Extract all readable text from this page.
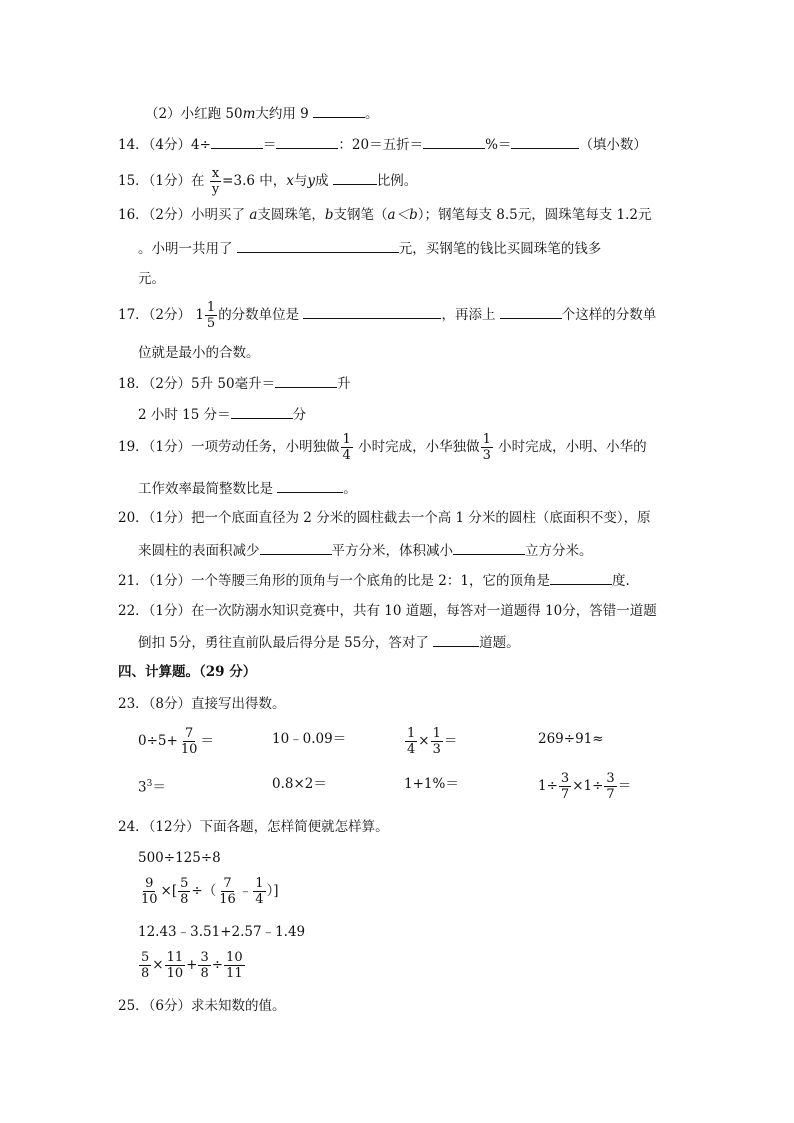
（2）小红跑 50m大约用 9	。
14．（4分）4÷	＝	：20＝五折＝	%＝	（填小数）
15．（1分）在 $\frac{x}{y} =3.6$ 中，x与y成	比例。
16．（2分）小明买了 a支圆珠笔，b支钢笔（a＜b）；钢笔每支 8.5元，圆珠笔每支 1.2元
。小明一共用了	元，买钢笔的钱比买圆珠笔的钱多
元。
17．（2分） $1 \frac{1}{5}$ 的分数单位是	，再添上	个这样的分数单
位就是最小的合数。
18．（2分）5升 50毫升＝	升
2 小时 15 分＝	分
19．（1分）一项劳动任务，小明独做 $\frac{1}{4}$ 小时完成，小华独做 $\frac{1}{3}$ 小时完成，小明、小华的
工作效率最简整数比是	。
20．（1分）把一个底面直径为 2 分米的圆柱截去一个高 1 分米的圆柱（底面积不变），原
来圆柱的表面积减少	平方分米，体积减小	立方分米。
21．（1分）一个等腰三角形的顶角与一个底角的比是 2：1，它的顶角是	度.
22．（1分）在一次防溺水知识竞赛中，共有 10 道题，每答对一道题得 10分，答错一道题
倒扣 5分，勇往直前队最后得分是 55分，答对了	道题。
四、计算题。（29 分）
23．（8分）直接写出得数。
$0\div 5+ \frac{7}{10}$ ＝	10﹣0.09＝	$\frac{1}{4} \times \frac{1}{3}$ ＝	269÷91≈
$3^3=$	0.8×2＝	1+1%＝	$1\div \frac{3}{7} \times 1\div \frac{3}{7}$ ＝
24．（12分）下面各题，怎样简便就怎样算。
500÷125÷8
$\frac{9}{10}$ ×[ $\frac{5}{8}$ ÷（ $\frac{7}{16}$ ﹣ $\frac{1}{4}$ ）]
12.43﹣3.51+2.57﹣1.49
$\frac{5}{8} \times \frac{11}{10} + \frac{3}{8} \div \frac{10}{11}$
25．（6分）求未知数的值。
